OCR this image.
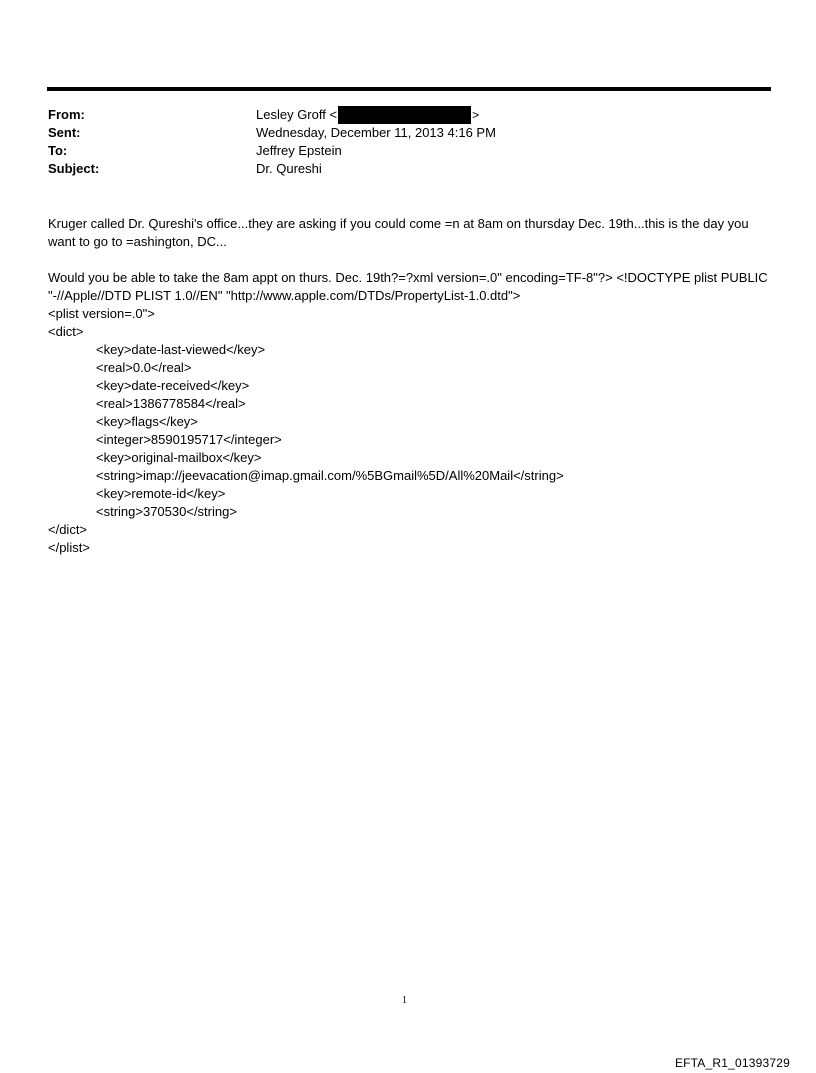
From:	Lesley Groff <	>
Sent:	Wednesday, December 11, 2013 4:16 PM
To:	Jeffrey Epstein
Subject:	Dr. Qureshi

Kruger called Dr. Qureshi's office...they are asking if you could come =n at 8am on thursday Dec. 19th...this is the day you want to go to =ashington, DC...

Would you be able to take the 8am appt on thurs. Dec. 19th?=?xml version=.0" encoding=TF-8"?> <!DOCTYPE plist PUBLIC "-//Apple//DTD PLIST 1.0//EN" "http://www.apple.com/DTDs/PropertyList-1.0.dtd">

<plist version=.0">
<dict>
<key>date-last-viewed</key>
<real>0.0</real>
<key>date-received</key>
<real>1386778584</real>
<key>flags</key>
<integer>8590195717</integer>
<key>original-mailbox</key>
<string>imap://jeevacation@imap.gmail.com/%5BGmail%5D/All%20Mail</string>
<key>remote-id</key>
<string>370530</string>
</dict>
</plist>
1
EFTA_R1_01393729
